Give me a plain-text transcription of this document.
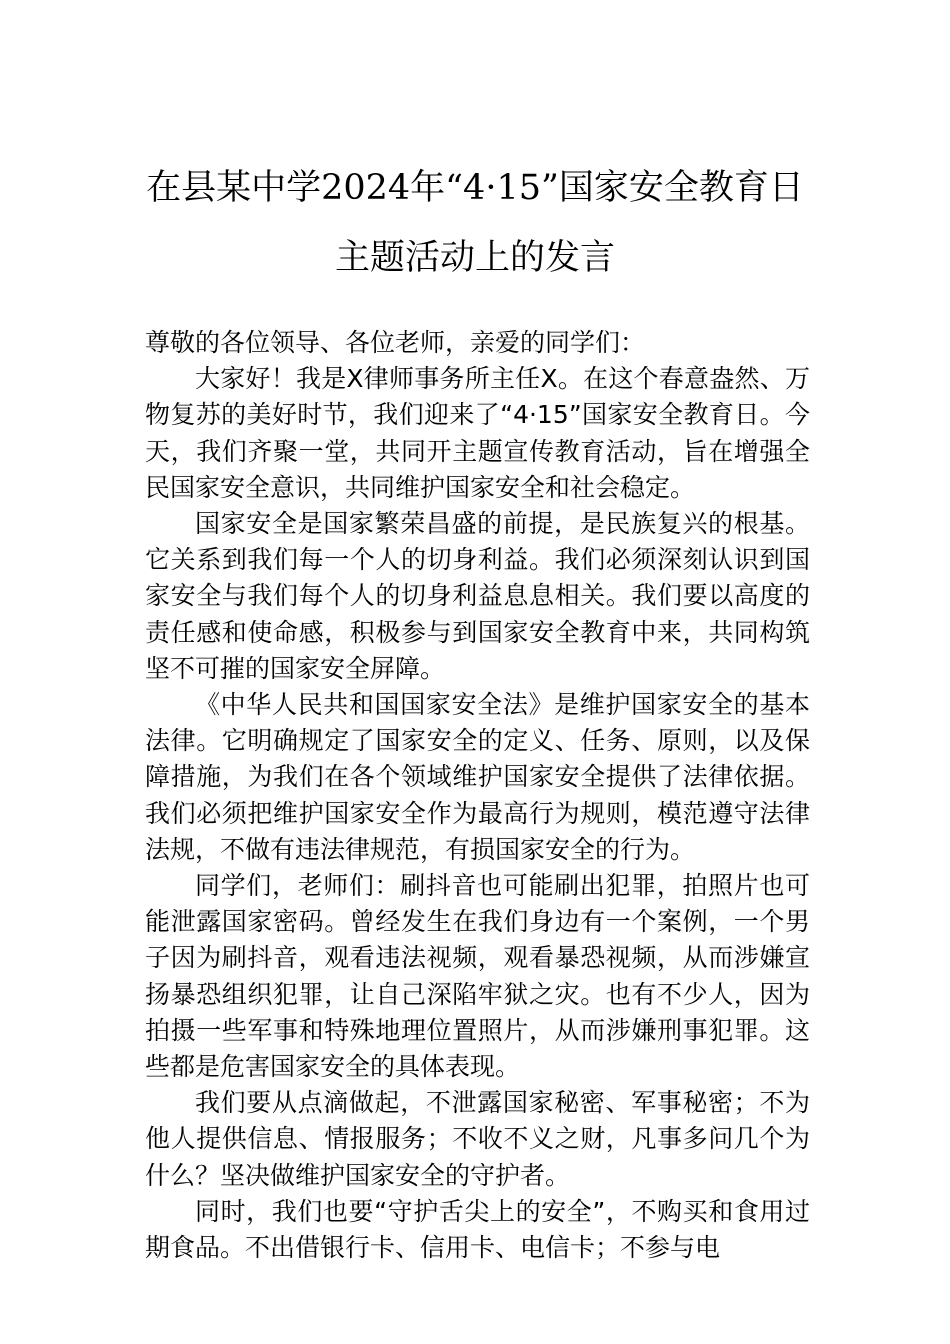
在县某中学2024年“4·15”国家安全教育日
主题活动上的发言

尊敬的各位领导、各位老师，亲爱的同学们：

大家好！我是X律师事务所主任X。在这个春意盎然、万物复苏的美好时节，我们迎来了“4·15”国家安全教育日。今天，我们齐聚一堂，共同开主题宣传教育活动，旨在增强全民国家安全意识，共同维护国家安全和社会稳定。

国家安全是国家繁荣昌盛的前提，是民族复兴的根基。它关系到我们每一个人的切身利益。我们必须深刻认识到国家安全与我们每个人的切身利益息息相关。我们要以高度的责任感和使命感，积极参与到国家安全教育中来，共同构筑坚不可摧的国家安全屏障。

《中华人民共和国国家安全法》是维护国家安全的基本法律。它明确规定了国家安全的定义、任务、原则，以及保障措施，为我们在各个领域维护国家安全提供了法律依据。我们必须把维护国家安全作为最高行为规则，模范遵守法律法规，不做有违法律规范，有损国家安全的行为。

同学们，老师们：刷抖音也可能刷出犯罪，拍照片也可能泄露国家密码。曾经发生在我们身边有一个案例，一个男子因为刷抖音，观看违法视频，观看暴恐视频，从而涉嫌宣扬暴恐组织犯罪，让自己深陷牢狱之灾。也有不少人，因为拍摄一些军事和特殊地理位置照片，从而涉嫌刑事犯罪。这些都是危害国家安全的具体表现。

我们要从点滴做起，不泄露国家秘密、军事秘密；不为他人提供信息、情报服务；不收不义之财，凡事多问几个为什么？坚决做维护国家安全的守护者。

同时，我们也要“守护舌尖上的安全”，不购买和食用过期食品。不出借银行卡、信用卡、电信卡；不参与电
